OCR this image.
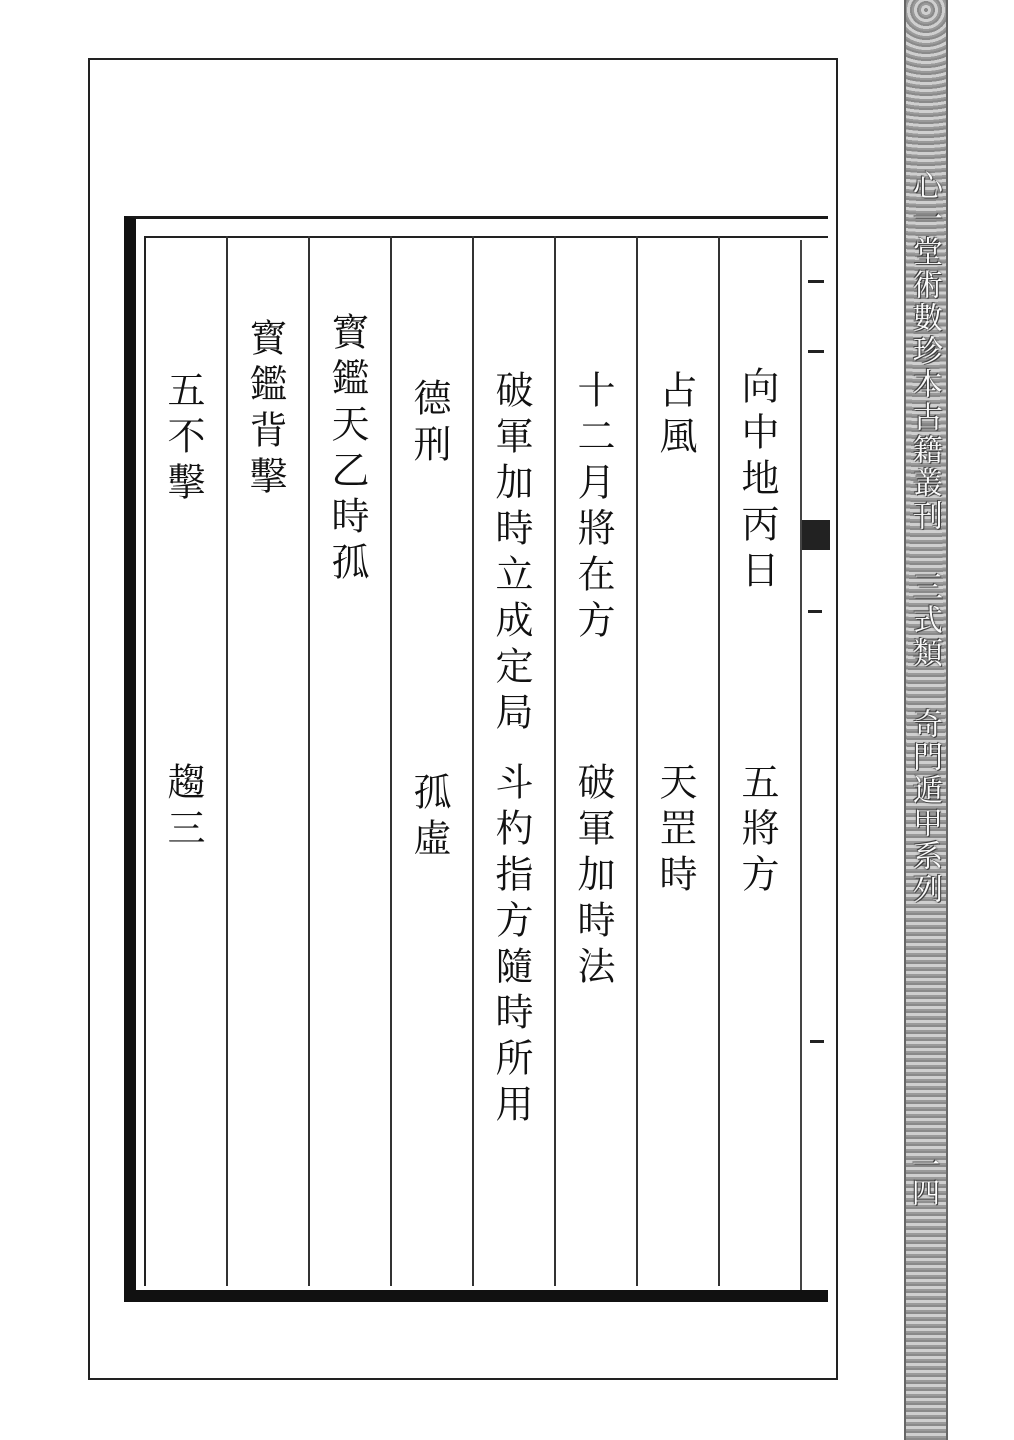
向中地丙日
五將方
占風
天罡時
十二月將在方
破軍加時法
破軍加時立成定局
斗杓指方隨時所用
德刑
孤虛
寳鑑天乙時孤
寳鑑背擊
五不擊
趨三	心一堂術數珍本古籍叢刊 三式類 奇門遁甲系列
一四
